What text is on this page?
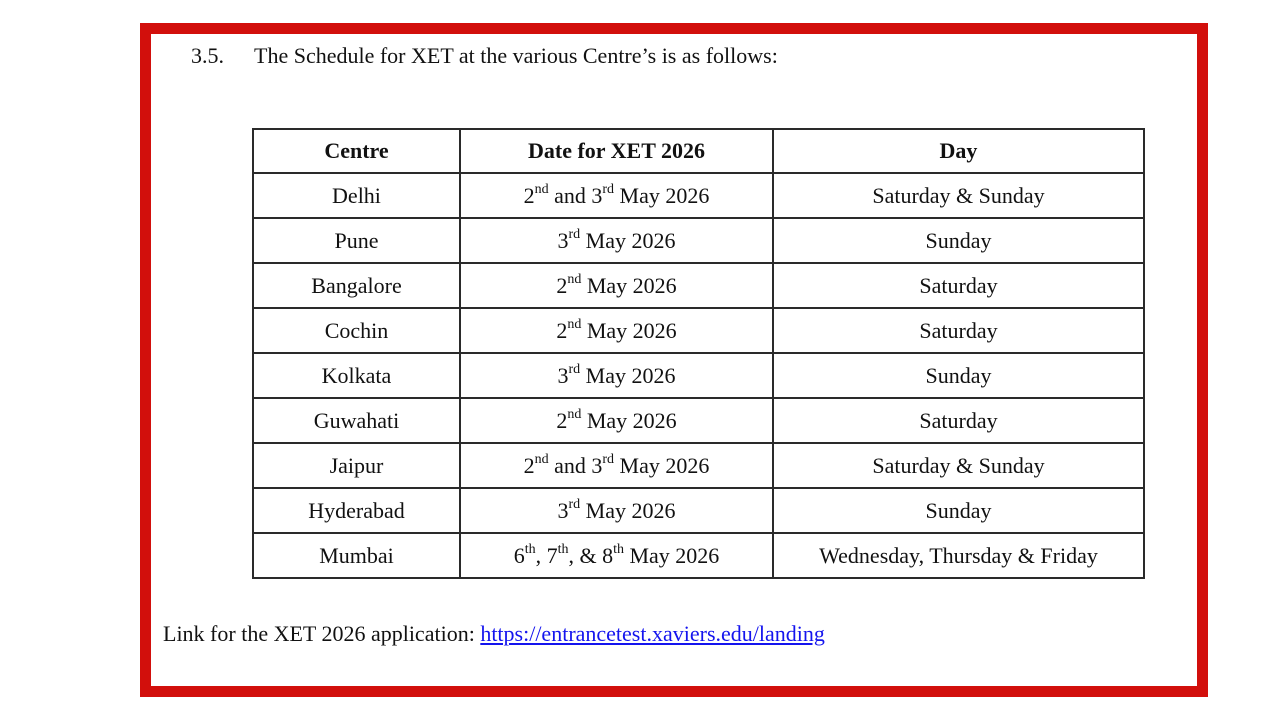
3.5. The Schedule for XET at the various Centre’s is as follows:
Centre	Date for XET 2026	Day
Delhi	2nd and 3rd May 2026	Saturday & Sunday
Pune	3rd May 2026	Sunday
Bangalore	2nd May 2026	Saturday
Cochin	2nd May 2026	Saturday
Kolkata	3rd May 2026	Sunday
Guwahati	2nd May 2026	Saturday
Jaipur	2nd and 3rd May 2026	Saturday & Sunday
Hyderabad	3rd May 2026	Sunday
Mumbai	6th, 7th, & 8th May 2026	Wednesday, Thursday & Friday
Link for the XET 2026 application: https://entrancetest.xaviers.edu/landing
